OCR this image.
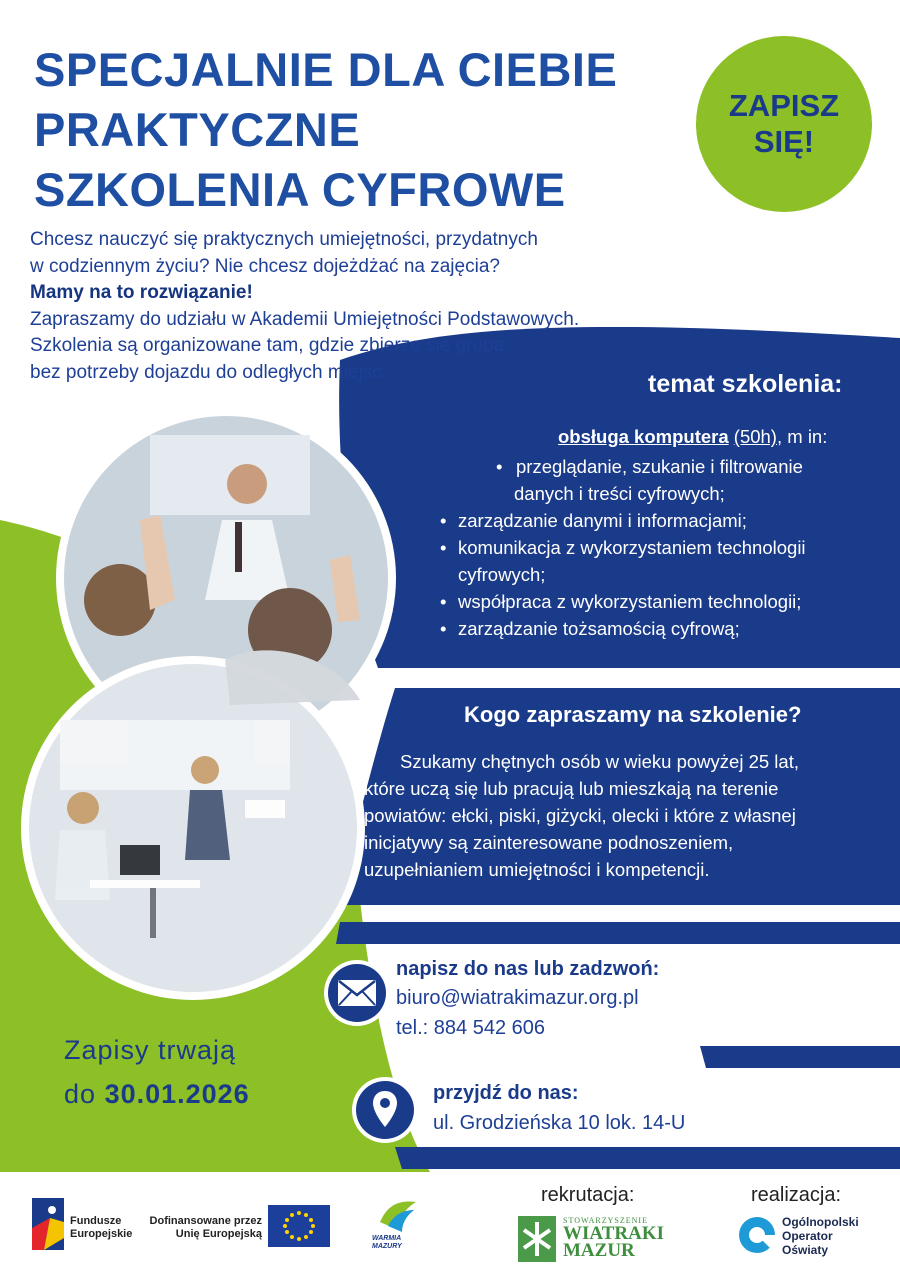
SPECJALNIE DLA CIEBIE
PRAKTYCZNE
SZKOLENIA CYFROWE
ZAPISZ SIĘ!
Chcesz nauczyć się praktycznych umiejętności, przydatnych
w codziennym życiu? Nie chcesz dojeżdżać na zajęcia?
Mamy na to rozwiązanie!
Zapraszamy do udziału w Akademii Umiejętności Podstawowych.
Szkolenia są organizowane tam, gdzie zbierze się grupa,
bez potrzeby dojazdu do odległych miejsc.	temat szkolenia:
obsługa komputera (50h), m in:
• przeglądanie, szukanie i filtrowanie
danych i treści cyfrowych;
• zarządzanie danymi i informacjami;
• komunikacja z wykorzystaniem technologii
cyfrowych;
• współpraca z wykorzystaniem technologii;
• zarządzanie tożsamością cyfrową;
Kogo zapraszamy na szkolenie?
Szukamy chętnych osób w wieku powyżej 25 lat,
które uczą się lub pracują lub mieszkają na terenie
powiatów: ełcki, piski, giżycki, olecki i które z własnej
inicjatywy są zainteresowane podnoszeniem,
uzupełnianiem umiejętności i kompetencji.
napisz do nas lub zadzwoń:
biuro@wiatrakimazur.org.pl
tel.: 884 542 606
przyjdź do nas:
ul. Grodzieńska 10 lok. 14-U
Zapisy trwają
do 30.01.2026
Fundusze
Europejskie
Dofinansowane przez
Unię Europejską	WARMIA
MAZURY
rekrutacja:
STOWARZYSZENIE
WIATRAKI
MAZUR
realizacja:
Ogólnopolski
Operator
Oświaty
